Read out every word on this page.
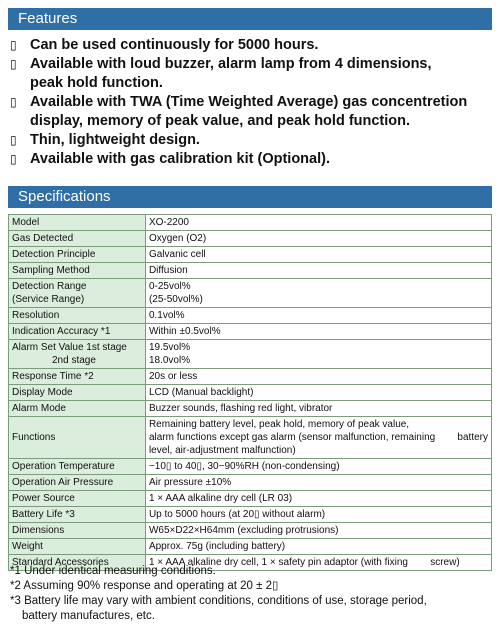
Features

▯ Can be used continuously for 5000 hours.

▯ Available with loud buzzer, alarm lamp from 4 dimensions,
peak hold function.

▯ Available with TWA (Time Weighted Average) gas concentretion
display, memory of peak value, and peak hold function.

▯ Thin, lightweight design.

▯ Available with gas calibration kit (Optional).

Specifications
Model	XO-2200

Gas Detected	Oxygen (O2)

Detection Principle	Galvanic cell

Sampling Method	Diffusion

Detection Range
(Service Range)	0-25vol%
(25-50vol%)

Resolution	0.1vol%

Indication Accuracy *1	Within ±0.5vol%

Alarm Set Value 1st stage
2nd stage	19.5vol%
18.0vol%

Response Time *2	20s or less

Display Mode	LCD (Manual backlight)

Alarm Mode	Buzzer sounds, flashing red light, vibrator

Functions	Remaining battery level, peak hold, memory of peak value,
alarm functions except gas alarm (sensor malfunction, remaining        battery
level, air-adjustment malfunction)

Operation Temperature	−10▯ to 40▯, 30−90%RH (non-condensing)

Operation Air Pressure	Air pressure ±10%

Power Source	1 × AAA alkaline dry cell (LR 03)

Battery Life *3	Up to 5000 hours (at 20▯ without alarm)

Dimensions	W65×D22×H64mm (excluding protrusions)

Weight	Approx. 75g (including battery)

Standard Accessories	1 × AAA alkaline dry cell, 1 × safety pin adaptor (with fixing        screw)

*1 Under identical measuring conditions.

*2 Assuming 90% response and operating at 20 ± 2▯

*3 Battery life may vary with ambient conditions, conditions of use, storage period,

battery manufactures, etc.
